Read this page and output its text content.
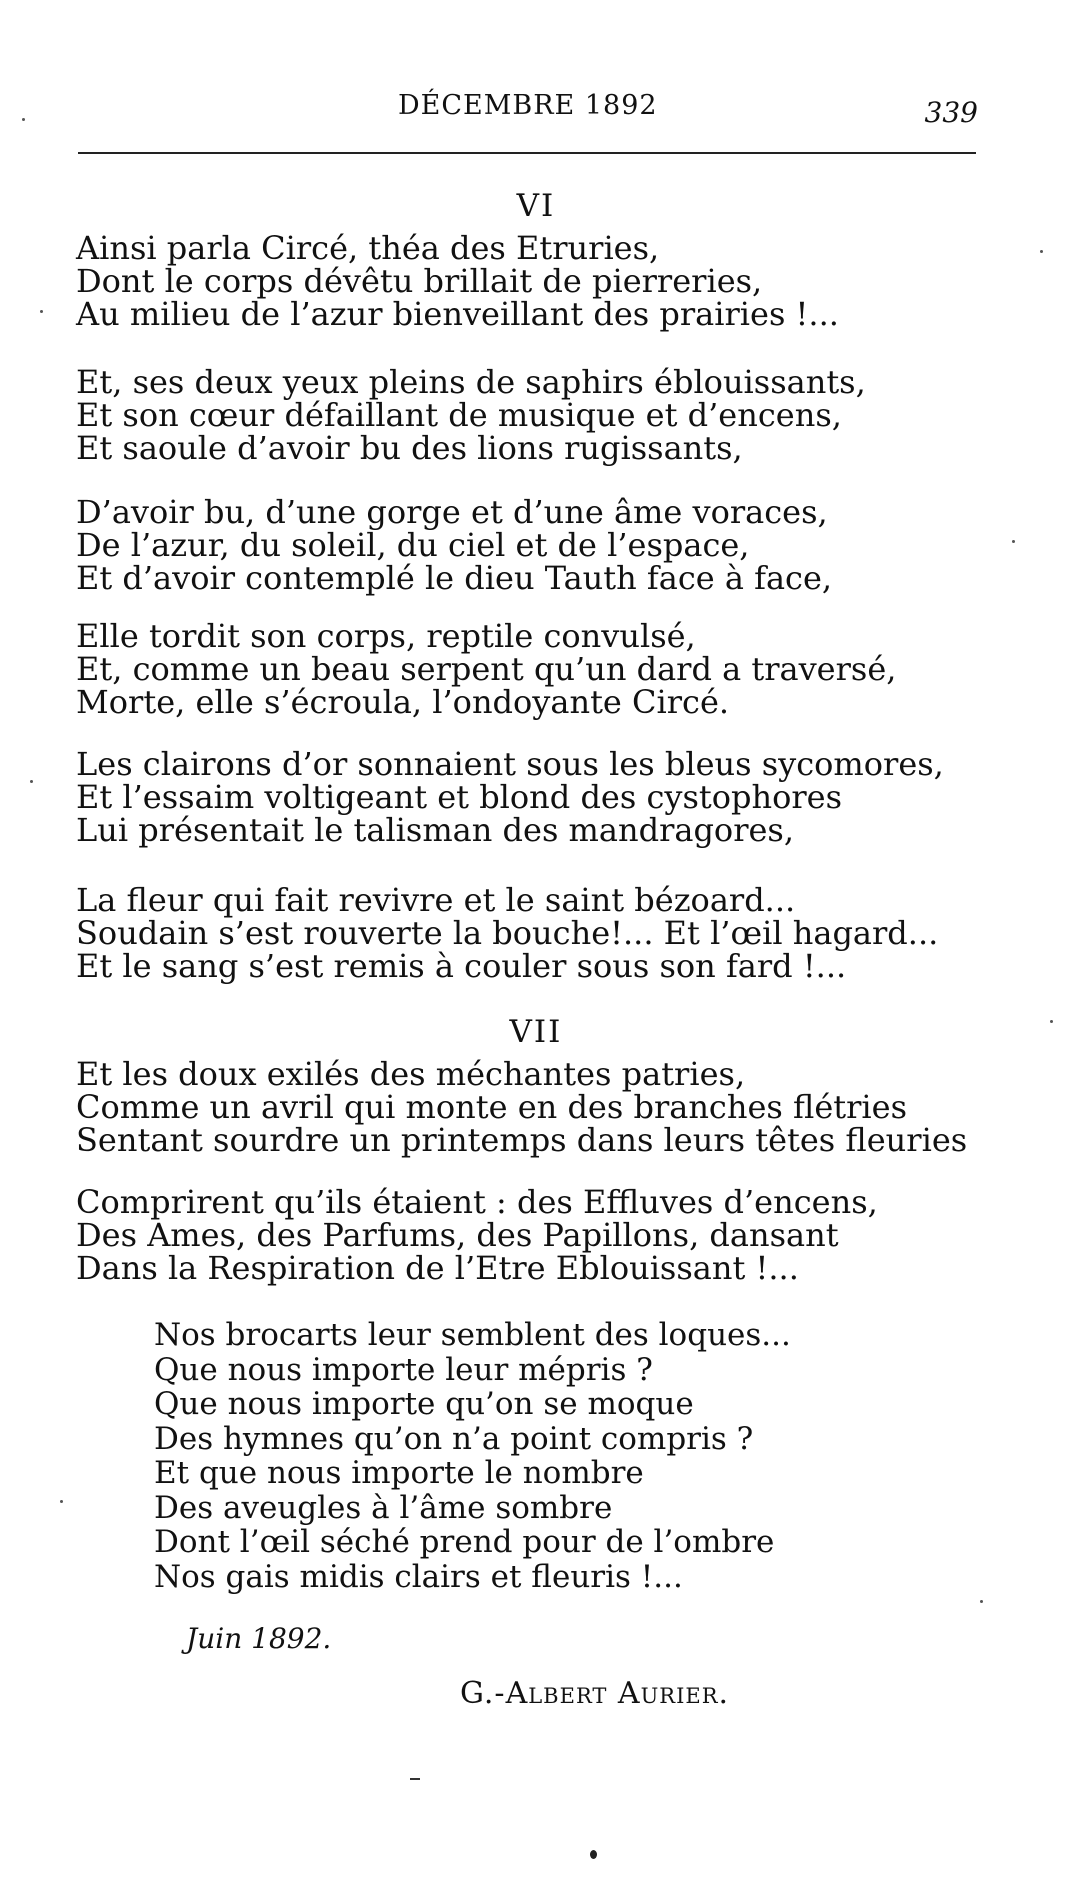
DÉCEMBRE 1892	339
VI
Ainsi parla Circé, théa des Etruries,
Dont le corps dévêtu brillait de pierreries,
Au milieu de l’azur bienveillant des prairies !...
Et, ses deux yeux pleins de saphirs éblouissants,
Et son cœur défaillant de musique et d’encens,
Et saoule d’avoir bu des lions rugissants,
D’avoir bu, d’une gorge et d’une âme voraces,
De l’azur, du soleil, du ciel et de l’espace,
Et d’avoir contemplé le dieu Tauth face à face,
Elle tordit son corps, reptile convulsé,
Et, comme un beau serpent qu’un dard a traversé,
Morte, elle s’écroula, l’ondoyante Circé.
Les clairons d’or sonnaient sous les bleus sycomores,
Et l’essaim voltigeant et blond des cystophores
Lui présentait le talisman des mandragores,
La fleur qui fait revivre et le saint bézoard...
Soudain s’est rouverte la bouche!... Et l’œil hagard...
Et le sang s’est remis à couler sous son fard !...
VII
Et les doux exilés des méchantes patries,
Comme un avril qui monte en des branches flétries
Sentant sourdre un printemps dans leurs têtes fleuries
Comprirent qu’ils étaient : des Effluves d’encens,
Des Ames, des Parfums, des Papillons, dansant
Dans la Respiration de l’Etre Eblouissant !...
Nos brocarts leur semblent des loques...
Que nous importe leur mépris ?
Que nous importe qu’on se moque
Des hymnes qu’on n’a point compris ?
Et que nous importe le nombre
Des aveugles à l’âme sombre
Dont l’œil séché prend pour de l’ombre
Nos gais midis clairs et fleuris !...
Juin 1892.
G.-Albert Aurier.
